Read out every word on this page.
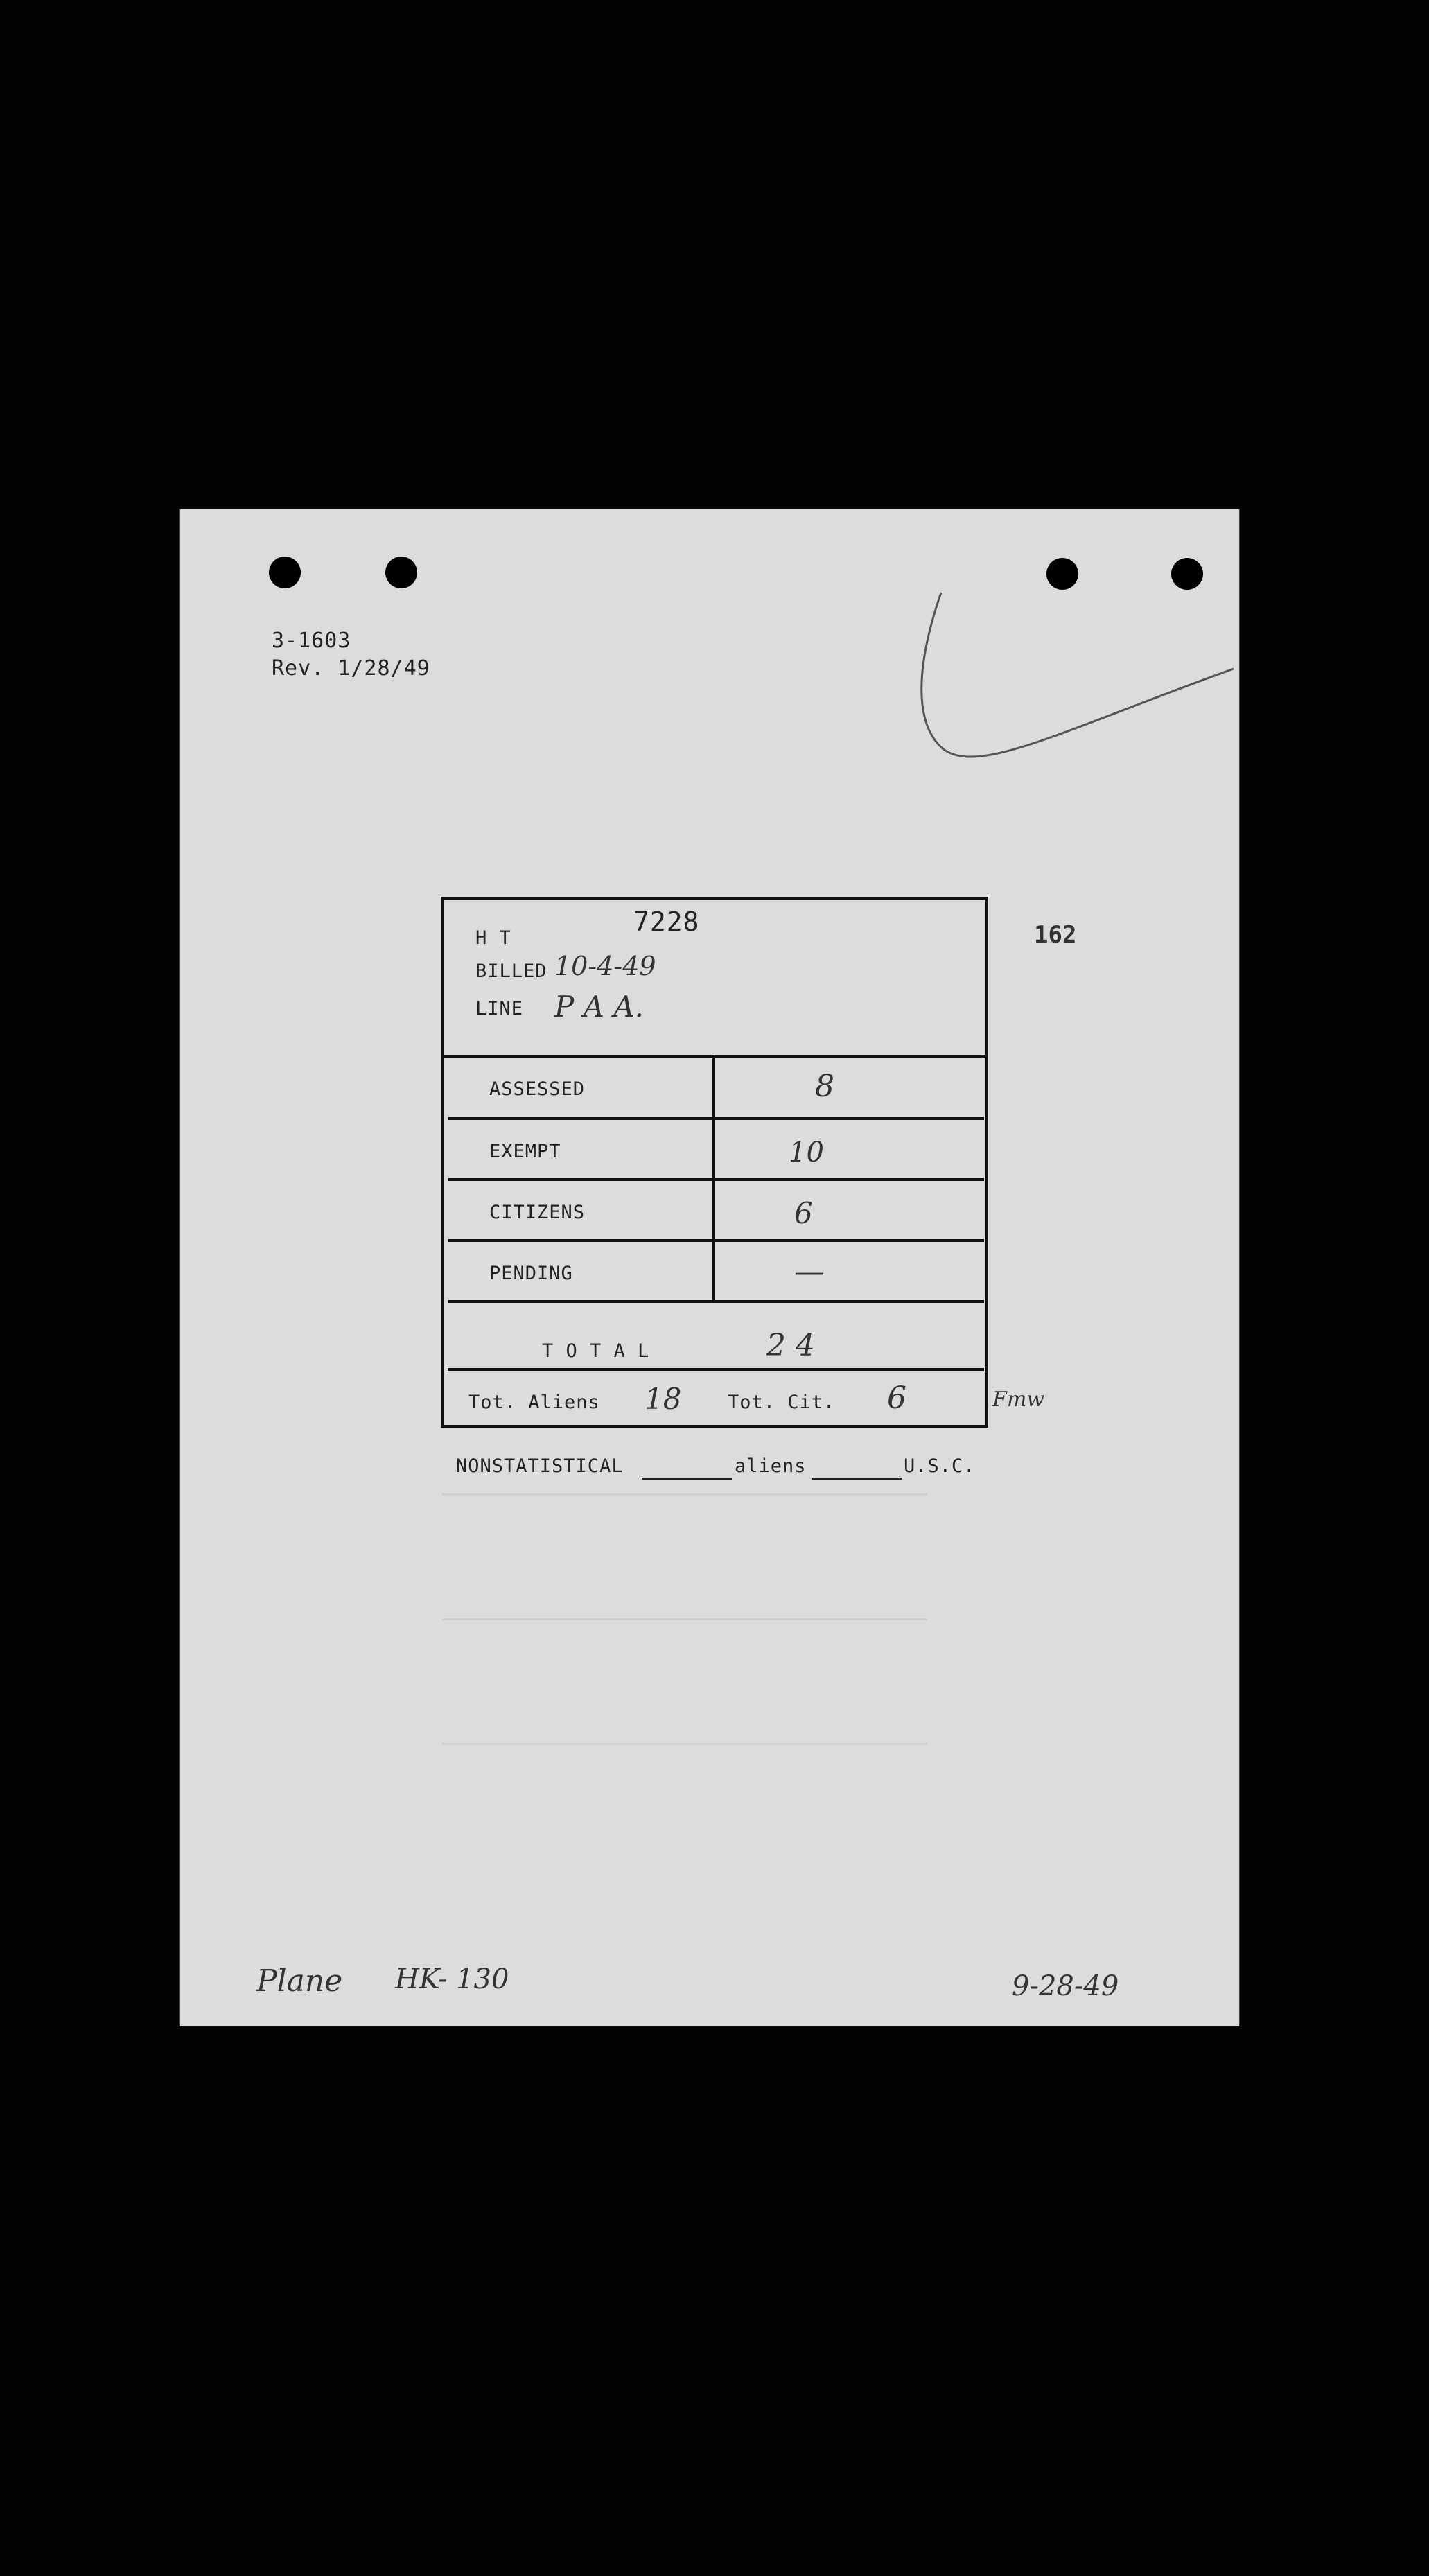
3-1603
Rev. 1/28/49
162
Plane HK- 130	9-28-49
H T
7228
BILLED 10-4-49
LINE P A A.
ASSESSED	8
EXEMPT	10
CITIZENS	6
PENDING	—
T O T A L	2 4
Tot. Aliens 18 Tot. Cit. 6	Fmw
NONSTATISTICAL	aliens	U.S.C.
